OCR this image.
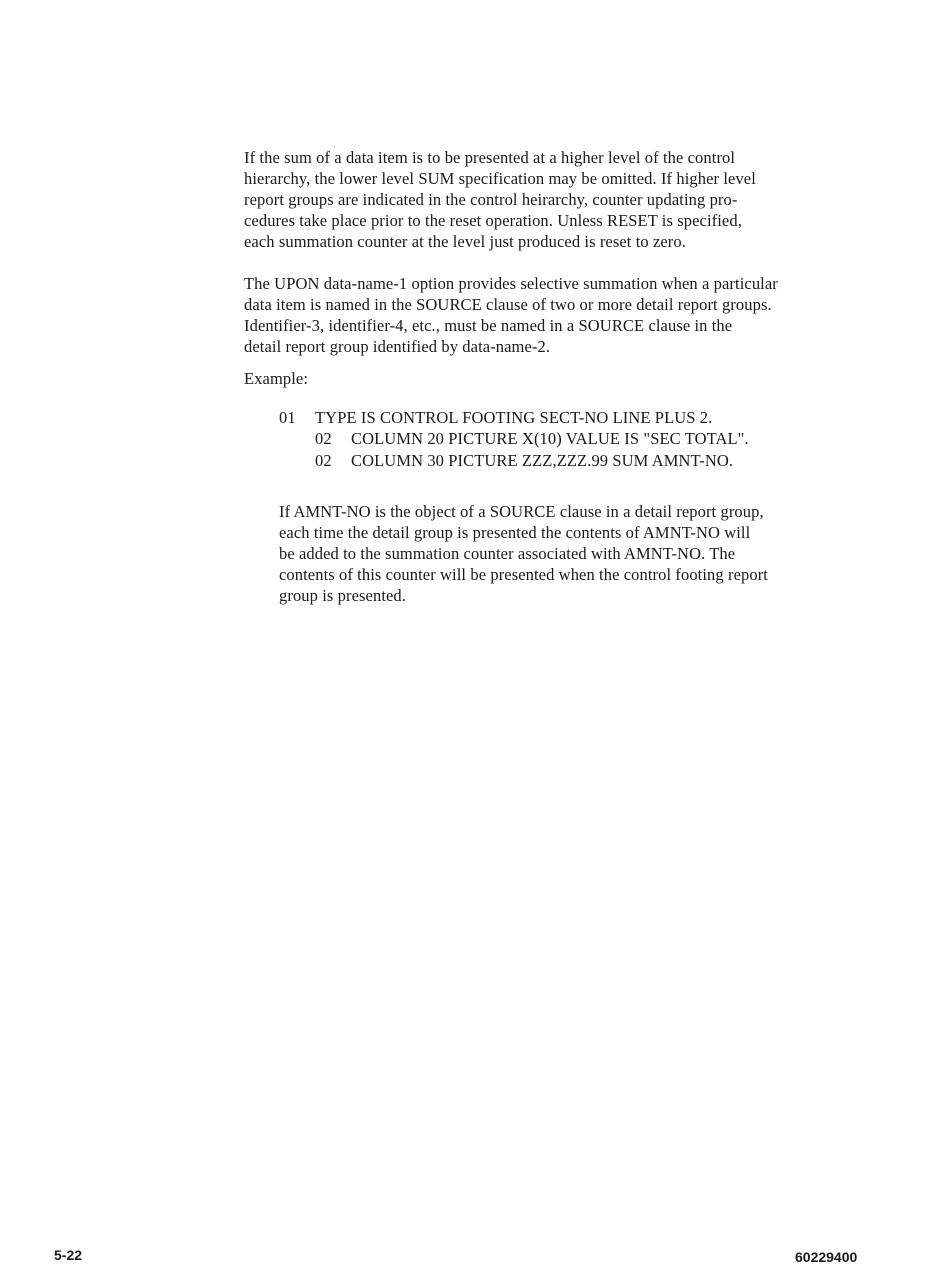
If the sum of a data item is to be presented at a higher level of the control
hierarchy, the lower level SUM specification may be omitted. If higher level
report groups are indicated in the control heirarchy, counter updating pro-
cedures take place prior to the reset operation. Unless RESET is specified,
each summation counter at the level just produced is reset to zero.
The UPON data-name-1 option provides selective summation when a particular
data item is named in the SOURCE clause of two or more detail report groups.
Identifier-3, identifier-4, etc., must be named in a SOURCE clause in the
detail report group identified by data-name-2.
Example:
01 TYPE IS CONTROL FOOTING SECT-NO LINE PLUS 2.
02 COLUMN 20 PICTURE X(10) VALUE IS "SEC TOTAL".
02 COLUMN 30 PICTURE ZZZ,ZZZ.99 SUM AMNT-NO.
If AMNT-NO is the object of a SOURCE clause in a detail report group,
each time the detail group is presented the contents of AMNT-NO will
be added to the summation counter associated with AMNT-NO. The
contents of this counter will be presented when the control footing report
group is presented.
5-22	60229400
